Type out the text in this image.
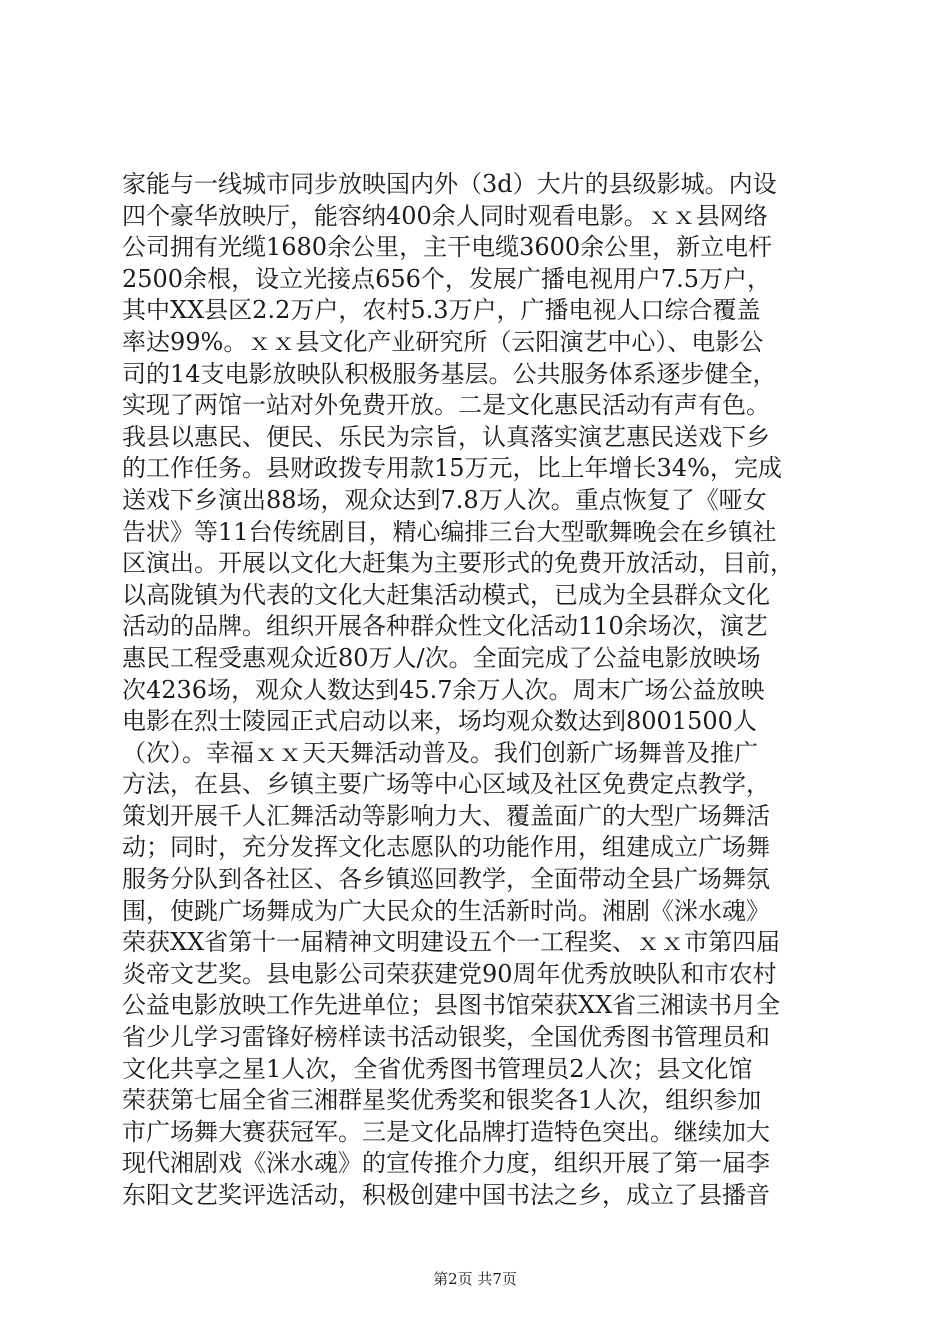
家能与一线城市同步放映国内外（3d）大片的县级影城。内设
四个豪华放映厅，能容纳400余人同时观看电影。ｘｘ县网络
公司拥有光缆1680余公里，主干电缆3600余公里，新立电杆
2500余根，设立光接点656个，发展广播电视用户7.5万户，
其中XX县区2.2万户，农村5.3万户，广播电视人口综合覆盖
率达99%。ｘｘ县文化产业研究所（云阳演艺中心）、电影公
司的14支电影放映队积极服务基层。公共服务体系逐步健全，
实现了两馆一站对外免费开放。二是文化惠民活动有声有色。
我县以惠民、便民、乐民为宗旨，认真落实演艺惠民送戏下乡
的工作任务。县财政拨专用款15万元，比上年增长34%，完成
送戏下乡演出88场，观众达到7.8万人次。重点恢复了《哑女
告状》等11台传统剧目，精心编排三台大型歌舞晚会在乡镇社
区演出。开展以文化大赶集为主要形式的免费开放活动，目前，
以高陇镇为代表的文化大赶集活动模式，已成为全县群众文化
活动的品牌。组织开展各种群众性文化活动110余场次，演艺
惠民工程受惠观众近80万人/次。全面完成了公益电影放映场
次4236场，观众人数达到45.7余万人次。周末广场公益放映
电影在烈士陵园正式启动以来，场均观众数达到8001500人
（次）。幸福ｘｘ天天舞活动普及。我们创新广场舞普及推广
方法，在县、乡镇主要广场等中心区域及社区免费定点教学，
策划开展千人汇舞活动等影响力大、覆盖面广的大型广场舞活
动；同时，充分发挥文化志愿队的功能作用，组建成立广场舞
服务分队到各社区、各乡镇巡回教学，全面带动全县广场舞氛
围，使跳广场舞成为广大民众的生活新时尚。湘剧《洣水魂》
荣获XX省第十一届精神文明建设五个一工程奖、ｘｘ市第四届
炎帝文艺奖。县电影公司荣获建党90周年优秀放映队和市农村
公益电影放映工作先进单位；县图书馆荣获XX省三湘读书月全
省少儿学习雷锋好榜样读书活动银奖，全国优秀图书管理员和
文化共享之星1人次，全省优秀图书管理员2人次；县文化馆
荣获第七届全省三湘群星奖优秀奖和银奖各1人次，组织参加
市广场舞大赛获冠军。三是文化品牌打造特色突出。继续加大
现代湘剧戏《洣水魂》的宣传推介力度，组织开展了第一届李
东阳文艺奖评选活动，积极创建中国书法之乡，成立了县播音
第2页 共7页
